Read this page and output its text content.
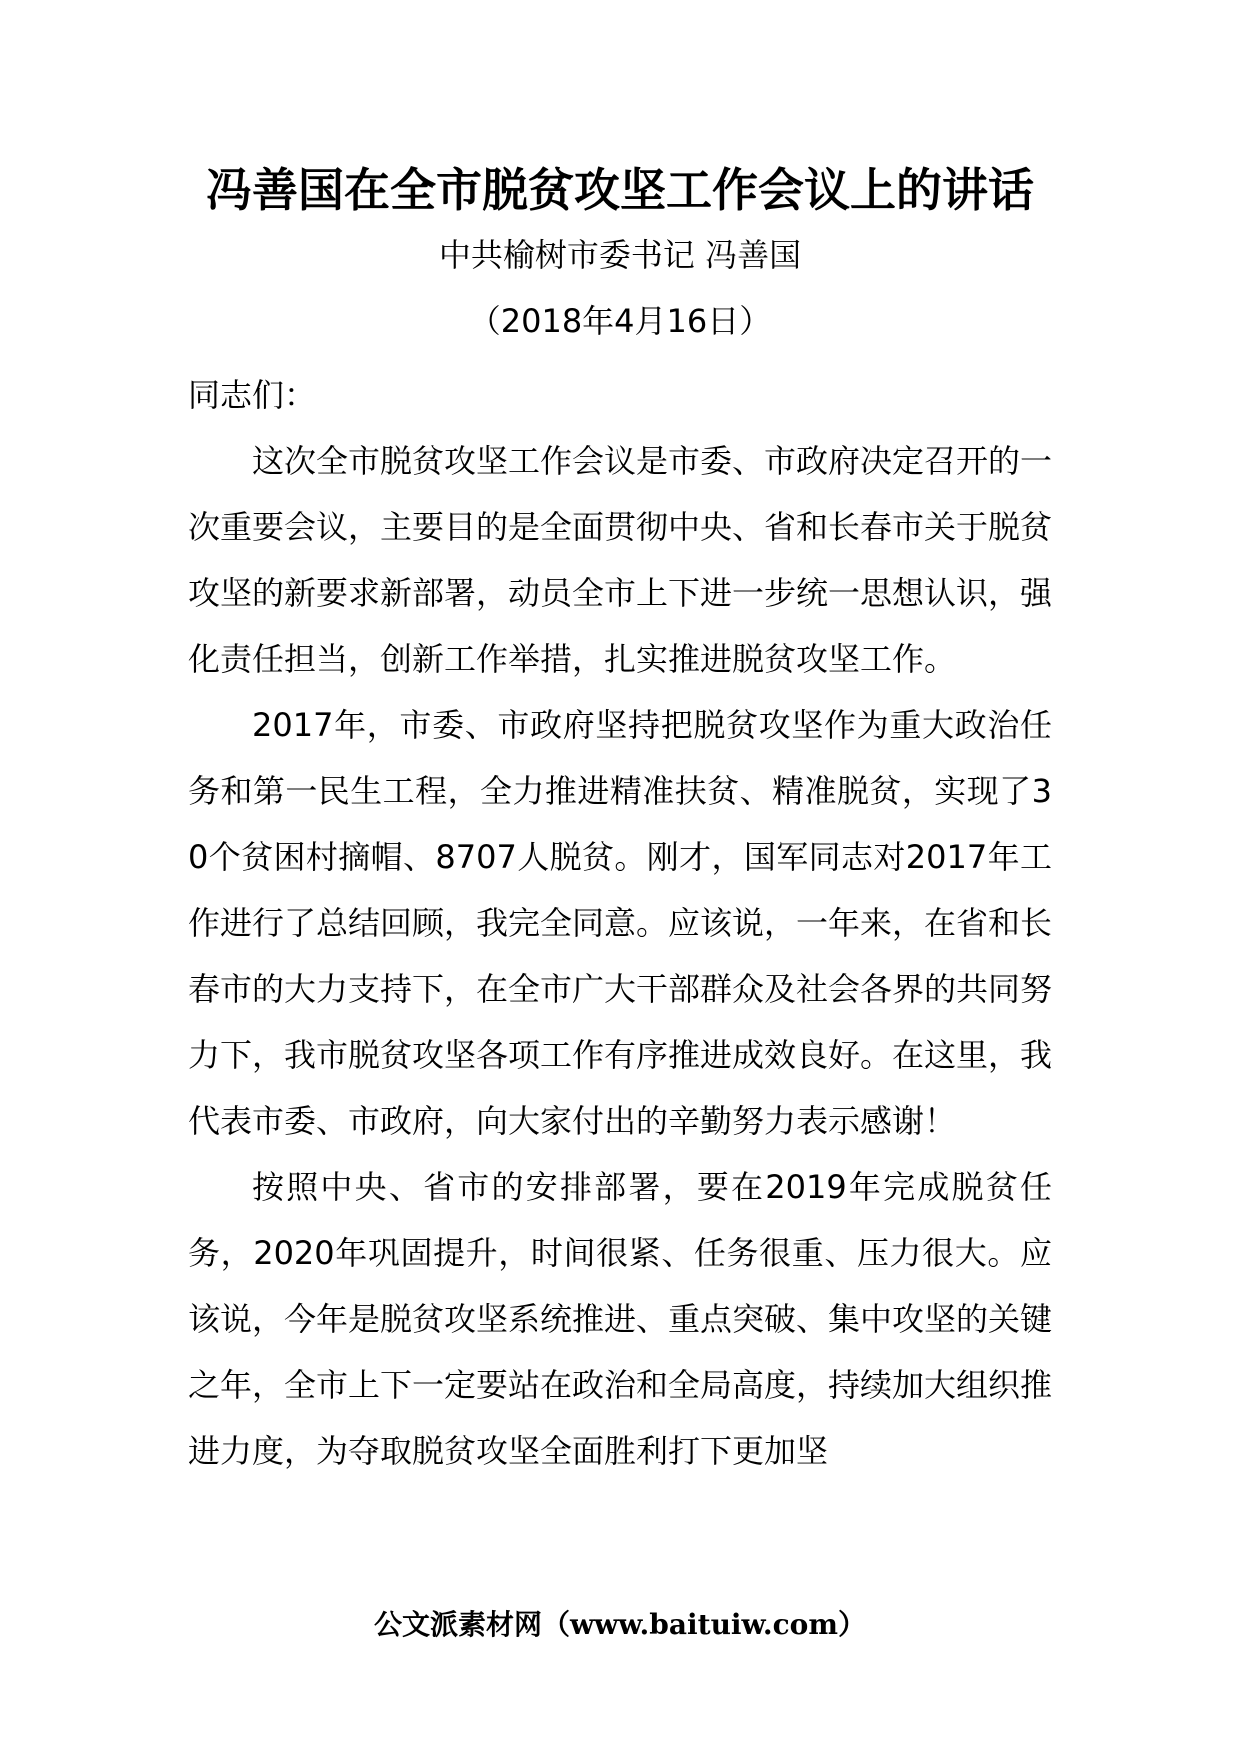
冯善国在全市脱贫攻坚工作会议上的讲话
中共榆树市委书记 冯善国
（2018年4月16日）

同志们：

这次全市脱贫攻坚工作会议是市委、市政府决定召开的一次重要会议，主要目的是全面贯彻中央、省和长春市关于脱贫攻坚的新要求新部署，动员全市上下进一步统一思想认识，强化责任担当，创新工作举措，扎实推进脱贫攻坚工作。

2017年，市委、市政府坚持把脱贫攻坚作为重大政治任务和第一民生工程，全力推进精准扶贫、精准脱贫，实现了30个贫困村摘帽、8707人脱贫。刚才，国军同志对2017年工作进行了总结回顾，我完全同意。应该说，一年来，在省和长春市的大力支持下，在全市广大干部群众及社会各界的共同努力下，我市脱贫攻坚各项工作有序推进成效良好。在这里，我代表市委、市政府，向大家付出的辛勤努力表示感谢！

按照中央、省市的安排部署，要在2019年完成脱贫任务，2020年巩固提升，时间很紧、任务很重、压力很大。应该说，今年是脱贫攻坚系统推进、重点突破、集中攻坚的关键之年，全市上下一定要站在政治和全局高度，持续加大组织推进力度，为夺取脱贫攻坚全面胜利打下更加坚

公文派素材网（www.baituiw.com）
